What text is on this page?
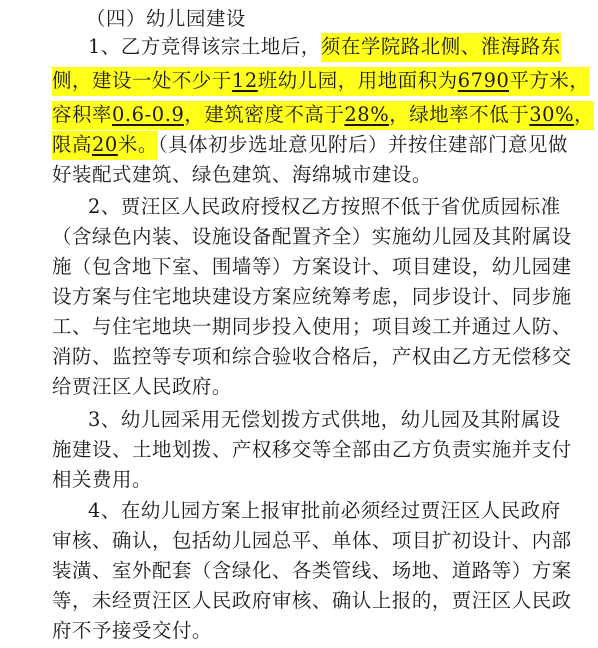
（四）幼儿园建设
1、乙方竞得该宗土地后，须在学院路北侧、淮海路东
侧，建设一处不少于12班幼儿园，用地面积为6790平方米，
容积率0.6-0.9，建筑密度不高于28%，绿地率不低于30%，
限高20米。（具体初步选址意见附后）并按住建部门意见做
好装配式建筑、绿色建筑、海绵城市建设。
2、贾汪区人民政府授权乙方按照不低于省优质园标准
（含绿色内装、设施设备配置齐全）实施幼儿园及其附属设
施（包含地下室、围墙等）方案设计、项目建设，幼儿园建
设方案与住宅地块建设方案应统筹考虑，同步设计、同步施
工、与住宅地块一期同步投入使用；项目竣工并通过人防、
消防、监控等专项和综合验收合格后，产权由乙方无偿移交
给贾汪区人民政府。
3、幼儿园采用无偿划拨方式供地，幼儿园及其附属设
施建设、土地划拨、产权移交等全部由乙方负责实施并支付
相关费用。
4、在幼儿园方案上报审批前必须经过贾汪区人民政府
审核、确认，包括幼儿园总平、单体、项目扩初设计、内部
装潢、室外配套（含绿化、各类管线、场地、道路等）方案
等，未经贾汪区人民政府审核、确认上报的，贾汪区人民政
府不予接受交付。
